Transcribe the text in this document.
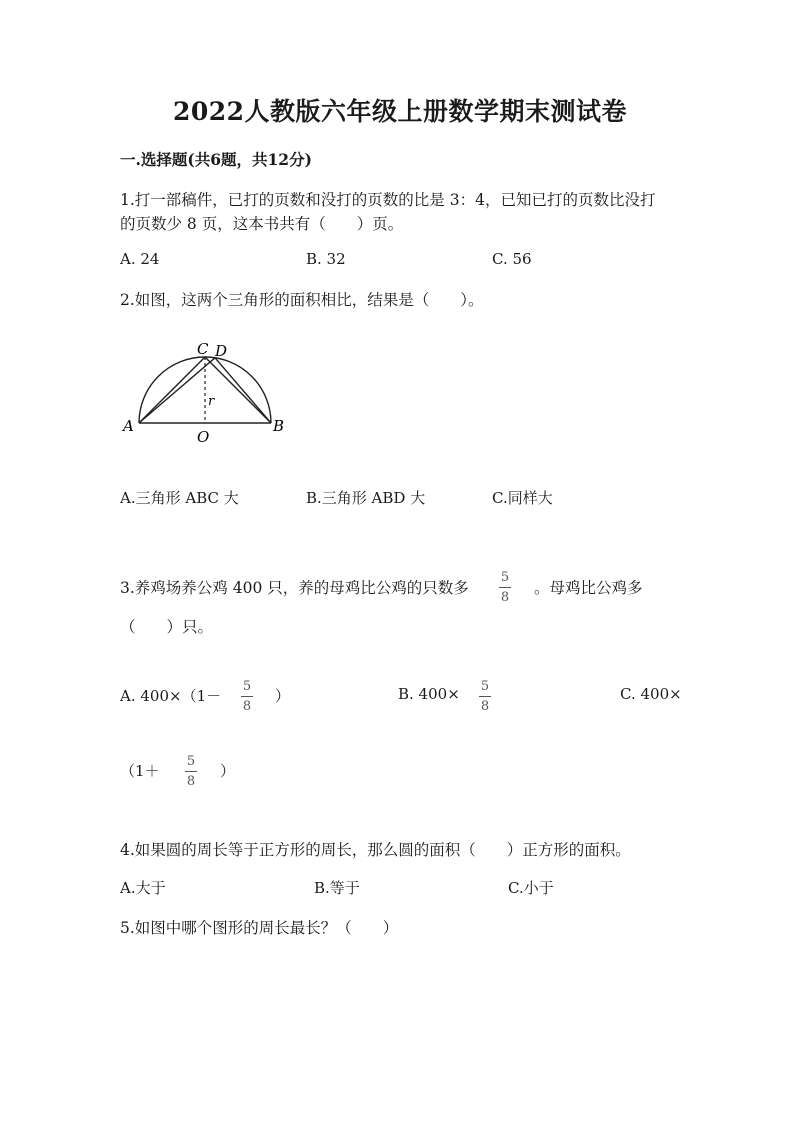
2022人教版六年级上册数学期末测试卷
一.选择题(共6题，共12分)
1.打一部稿件，已打的页数和没打的页数的比是 3：4，已知已打的页数比没打
的页数少 8 页，这本书共有（　　）页。
A. 24	B. 32	C. 56
2.如图，这两个三角形的面积相比，结果是（　　）。
A	B
C D
O
r
A.三角形 ABC 大	B.三角形 ABD 大	C.同样大
3.养鸡场养公鸡 400 只，养的母鸡比公鸡的只数多
5
8
。母鸡比公鸡多
（　　）只。
A. 400×（1－
5
8
）	B. 400× 5
8
C. 400×
（1＋
5
8
）
4.如果圆的周长等于正方形的周长，那么圆的面积（　　）正方形的面积。
A.大于	B.等于	C.小于
5.如图中哪个图形的周长最长？（　　）
